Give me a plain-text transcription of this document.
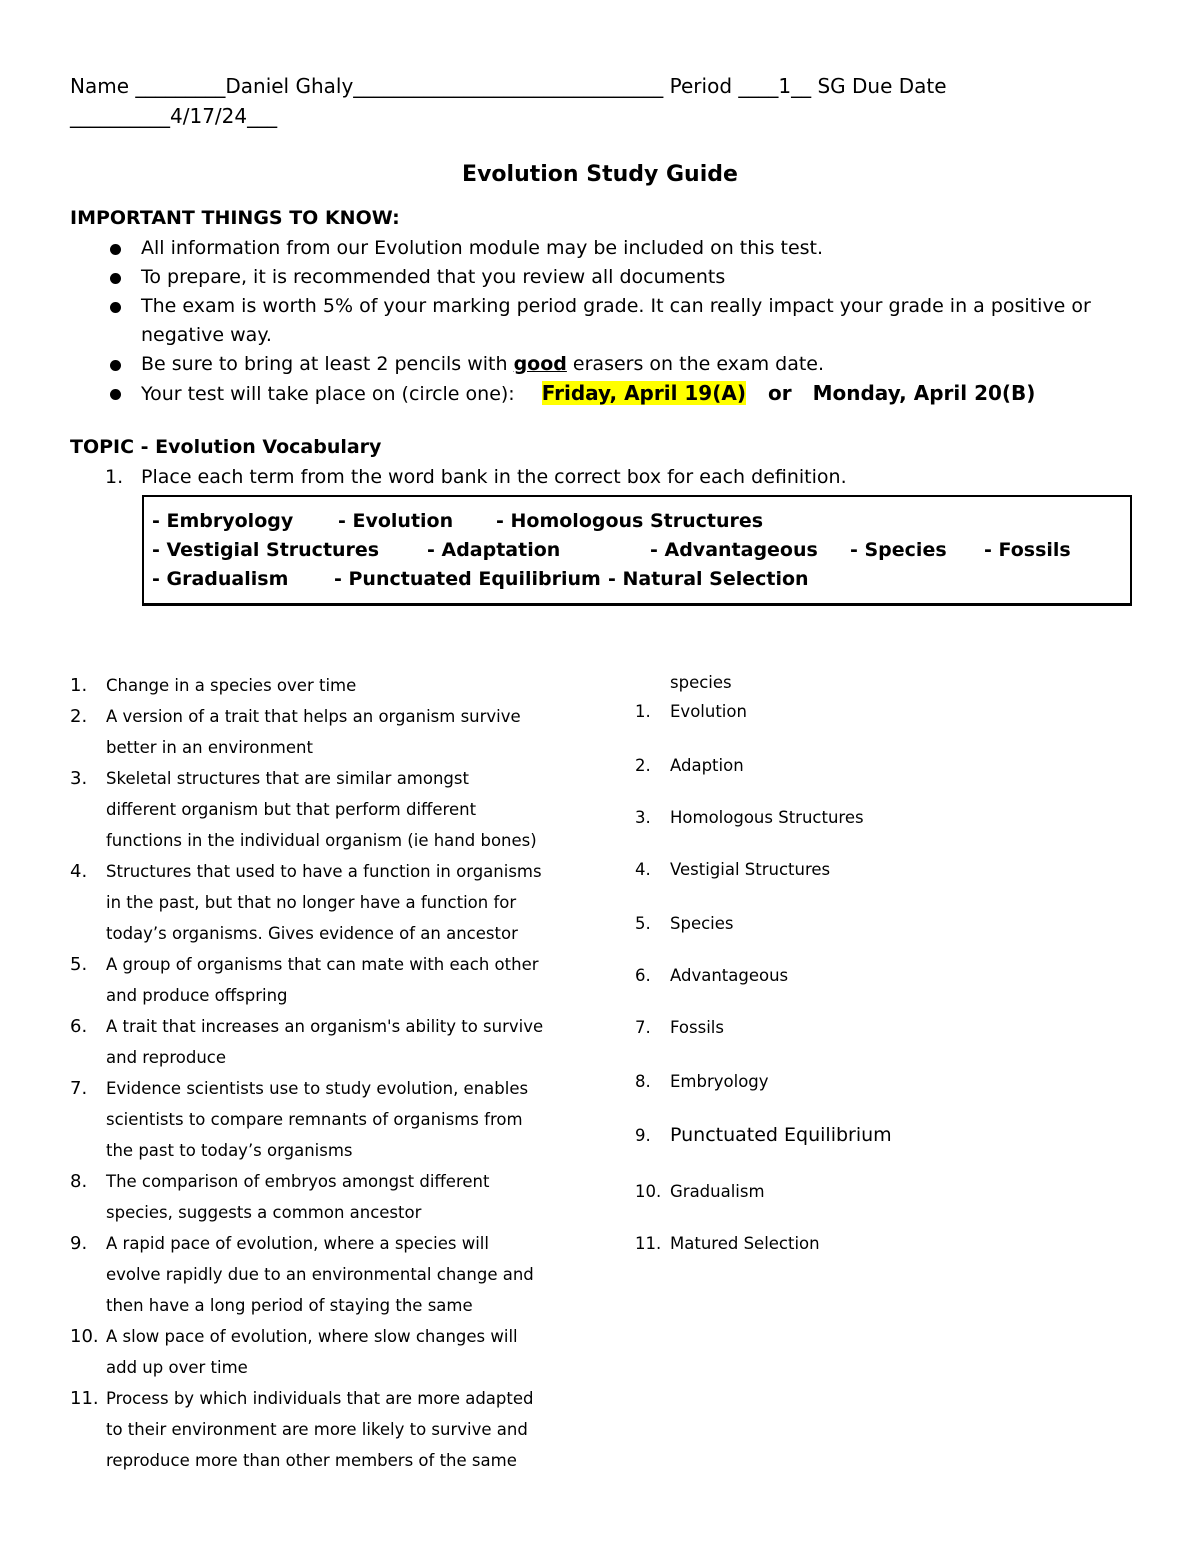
Name _________Daniel Ghaly_______________________________ Period ____1__ SG Due Date
__________4/17/24___
Evolution Study Guide
IMPORTANT THINGS TO KNOW:
All information from our Evolution module may be included on this test.
To prepare, it is recommended that you review all documents
The exam is worth 5% of your marking period grade. It can really impact your grade in a positive or
negative way.
Be sure to bring at least 2 pencils with good erasers on the exam date.
Your test will take place on (circle one): Friday, April 19(A) or Monday, April 20(B)
TOPIC - Evolution Vocabulary
1. Place each term from the word bank in the correct box for each definition.
- Embryology - Evolution - Homologous Structures
- Vestigial Structures	- Adaptation	- Advantageous - Species - Fossils
- Gradualism - Punctuated Equilibrium - Natural Selection
1. Change in a species over time
2. A version of a trait that helps an organism survive
better in an environment
3. Skeletal structures that are similar amongst
different organism but that perform different
functions in the individual organism (ie hand bones)
4. Structures that used to have a function in organisms
in the past, but that no longer have a function for
today’s organisms. Gives evidence of an ancestor
5. A group of organisms that can mate with each other
and produce offspring
6. A trait that increases an organism's ability to survive
and reproduce
7. Evidence scientists use to study evolution, enables
scientists to compare remnants of organisms from
the past to today’s organisms
8. The comparison of embryos amongst different
species, suggests a common ancestor
9. A rapid pace of evolution, where a species will
evolve rapidly due to an environmental change and
then have a long period of staying the same
10. A slow pace of evolution, where slow changes will
add up over time
11. Process by which individuals that are more adapted
to their environment are more likely to survive and
reproduce more than other members of the same
species
1. Evolution
2. Adaption
3. Homologous Structures
4. Vestigial Structures
5. Species
6. Advantageous
7. Fossils
8. Embryology
9. Punctuated Equilibrium
10. Gradualism
11. Matured Selection
